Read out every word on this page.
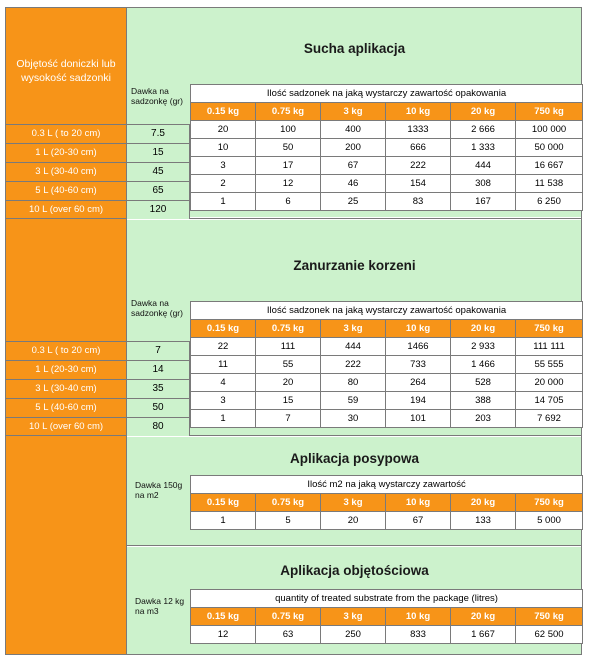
Objętość doniczki lub wysokość sadzonki
Sucha aplikacja
Dawka na sadzonkę (gr)
Ilość sadzonek na jaką wystarczy zawartość opakowania					
0.15 kg	0.75 kg	3 kg	10 kg	20 kg	750 kg
20	100	400	1333	2 666	100 000
10	50	200	666	1 333	50 000
3	17	67	222	444	16 667
2	12	46	154	308	11 538
1	6	25	83	167	6 250
0.3 L ( to 20 cm)	7.5
1 L (20-30 cm)	15
3 L (30-40 cm)	45
5 L (40-60 cm)	65
10 L (over 60 cm)	120
Zanurzanie korzeni
Dawka na sadzonkę (gr)	Ilość sadzonek na jaką wystarczy zawartość opakowania					
0.15 kg	0.75 kg	3 kg	10 kg	20 kg	750 kg
22	111	444	1466	2 933	111 111
11	55	222	733	1 466	55 555
4	20	80	264	528	20 000
3	15	59	194	388	14 705
1	7	30	101	203	7 692
0.3 L ( to 20 cm)	7
1 L (20-30 cm)	14
3 L (30-40 cm)	35
5 L (40-60 cm)	50
10 L (over 60 cm)	80
Aplikacja posypowa
Dawka 150g na m2
Ilość m2 na jaką wystarczy zawartość					
0.15 kg	0.75 kg	3 kg	10 kg	20 kg	750 kg
1	5	20	67	133	5 000
Aplikacja objętościowa
Dawka 12 kg na m3
quantity of treated substrate from the package (litres)					
0.15 kg	0.75 kg	3 kg	10 kg	20 kg	750 kg
12	63	250	833	1 667	62 500
